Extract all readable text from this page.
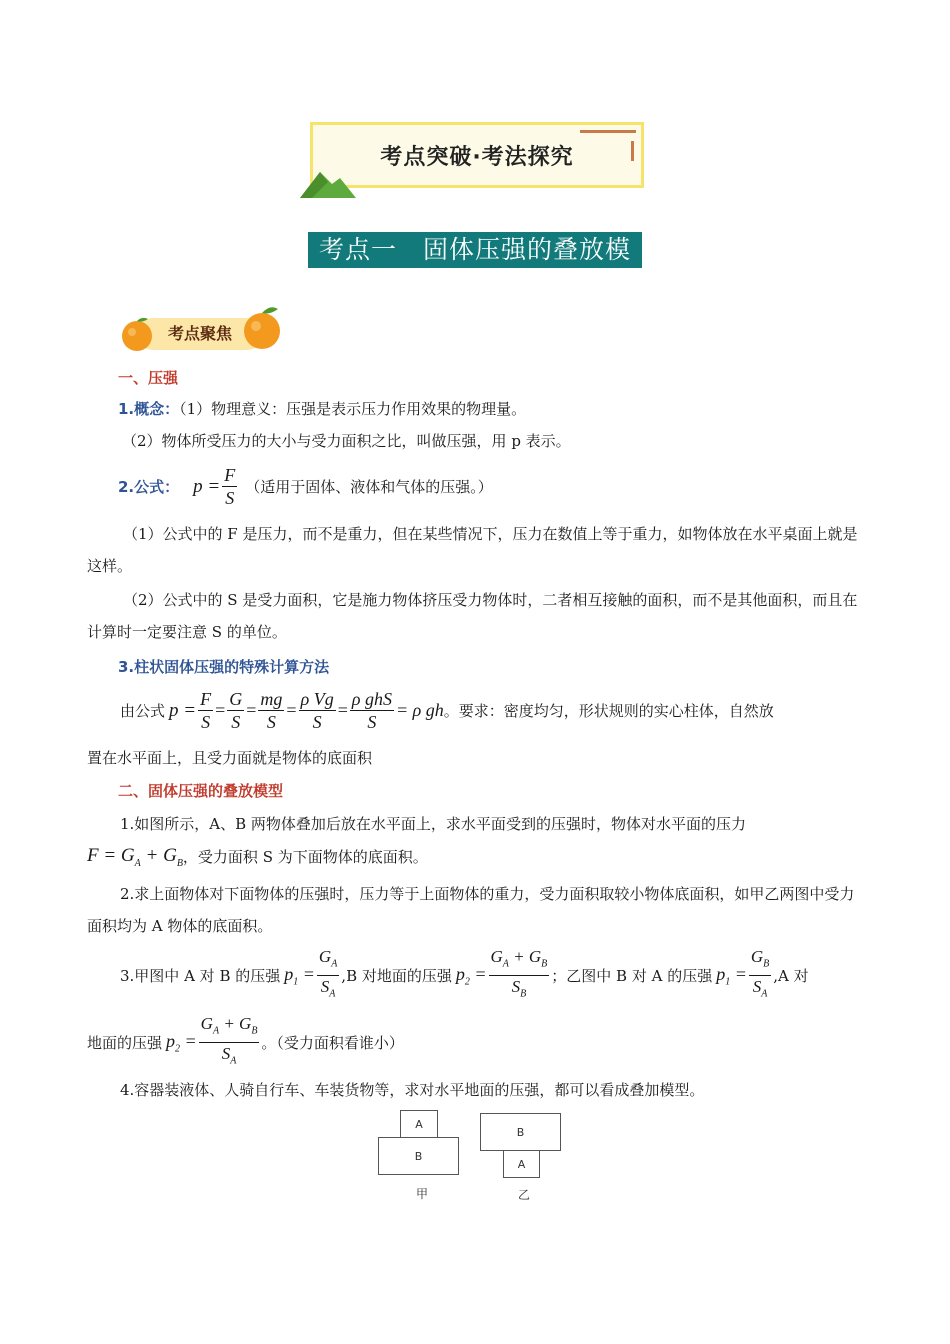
考点突破·考法探究
考点一　固体压强的叠放模型
考点聚焦
一、压强
1.概念：（1）物理意义：压强是表示压力作用效果的物理量。
（2）物体所受压力的大小与受力面积之比，叫做压强，用 p 表示。
2.公式： $p = \frac{F}{S}$ （适用于固体、液体和气体的压强。）
（1）公式中的 F 是压力，而不是重力，但在某些情况下，压力在数值上等于重力，如物体放在水平桌面上就是这样。
（2）公式中的 S 是受力面积，它是施力物体挤压受力物体时，二者相互接触的面积，而不是其他面积，而且在计算时一定要注意 S 的单位。
3.柱状固体压强的特殊计算方法
由公式 $p = \frac{F}{S} = \frac{G}{S} = \frac{mg}{S} = \frac{\text{ρ Vg}}{S} = \frac{\text{ρ ghS}}{S} = \rho$ gh 。要求：密度均匀，形状规则的实心柱体，自然放
置在水平面上，且受力面就是物体的底面积
二、固体压强的叠放模型
1.如图所示，A、B 两物体叠加后放在水平面上，求水平面受到的压强时，物体对水平面的压力
$F = G_A + G_B$ ，受力面积 S 为下面物体的底面积。
2.求上面物体对下面物体的压强时，压力等于上面物体的重力，受力面积取较小物体底面积，如甲乙两图中受力面积均为 A 物体的底面积。
3.甲图中 A 对 B 的压强 $p_1 = \frac{G_A}{S_A} ,B$ 对地面的压强 $p_2 = \frac{G_A + G_B}{S_B}$ ；乙图中 B 对 A 的压强 $p_1 = \frac{G_B}{S_A} ,A$ 对
地面的压强 $p_2 = \frac{G_A + G_B}{S_A}$ 。（受力面积看谁小）
4.容器装液体、人骑自行车、车装货物等，求对水平地面的压强，都可以看成叠加模型。
A
B
甲
B
A
乙
